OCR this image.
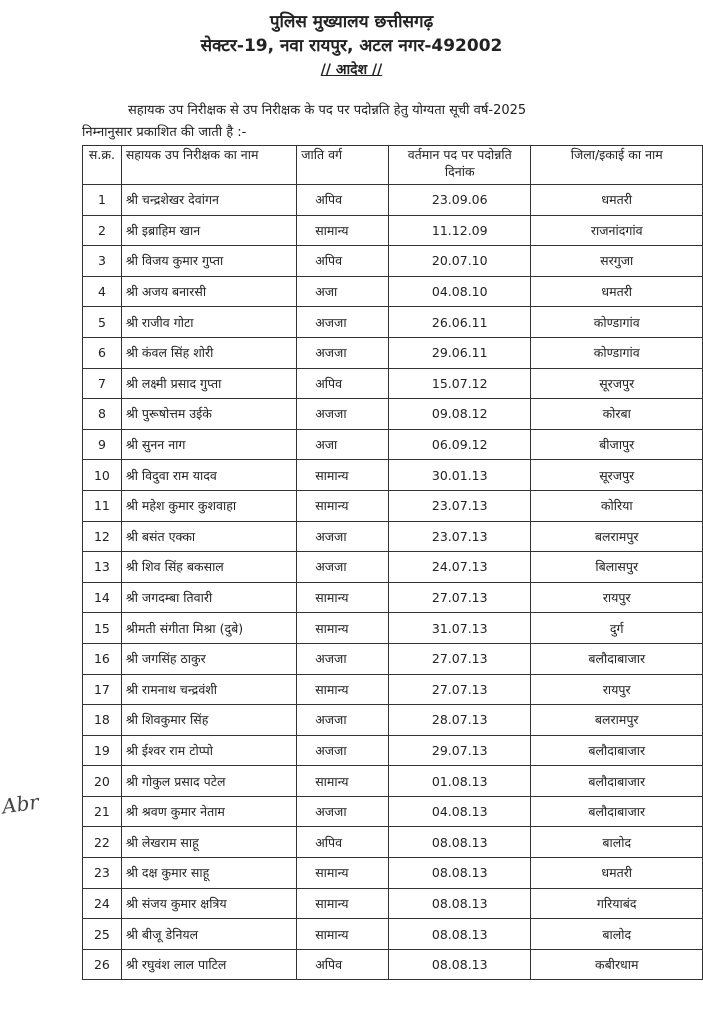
पुलिस मुख्यालय छत्तीसगढ़
सेक्टर-19, नवा रायपुर, अटल नगर-492002
// आदेश //
सहायक उप निरीक्षक से उप निरीक्षक के पद पर पदोन्नति हेतु योग्यता सूची वर्ष-2025
निम्नानुसार प्रकाशित की जाती है :-
Abr
स.क्र.	सहायक उप निरीक्षक का नाम	जाति वर्ग	वर्तमान पद पर पदोन्नति दिनांक	जिला/इकाई का नाम
1	श्री चन्द्रशेखर देवांगन	अपिव	23.09.06	धमतरी
2	श्री इब्राहिम खान	सामान्य	11.12.09	राजनांदगांव
3	श्री विजय कुमार गुप्ता	अपिव	20.07.10	सरगुजा
4	श्री अजय बनारसी	अजा	04.08.10	धमतरी
5	श्री राजीव गोटा	अजजा	26.06.11	कोण्डागांव
6	श्री कंवल सिंह शोरी	अजजा	29.06.11	कोण्डागांव
7	श्री लक्ष्मी प्रसाद गुप्ता	अपिव	15.07.12	सूरजपुर
8	श्री पुरूषोत्तम उईके	अजजा	09.08.12	कोरबा
9	श्री सुनन नाग	अजा	06.09.12	बीजापुर
10	श्री विदुवा राम यादव	सामान्य	30.01.13	सूरजपुर
11	श्री महेश कुमार कुशवाहा	सामान्य	23.07.13	कोरिया
12	श्री बसंत एक्का	अजजा	23.07.13	बलरामपुर
13	श्री शिव सिंह बकसाल	अजजा	24.07.13	बिलासपुर
14	श्री जगदम्बा तिवारी	सामान्य	27.07.13	रायपुर
15	श्रीमती संगीता मिश्रा (दुबे)	सामान्य	31.07.13	दुर्ग
16	श्री जगसिंह ठाकुर	अजजा	27.07.13	बलौदाबाजार
17	श्री रामनाथ चन्द्रवंशी	सामान्य	27.07.13	रायपुर
18	श्री शिवकुमार सिंह	अजजा	28.07.13	बलरामपुर
19	श्री ईश्वर राम टोप्पो	अजजा	29.07.13	बलौदाबाजार
20	श्री गोकुल प्रसाद पटेल	सामान्य	01.08.13	बलौदाबाजार
21	श्री श्रवण कुमार नेताम	अजजा	04.08.13	बलौदाबाजार
22	श्री लेखराम साहू	अपिव	08.08.13	बालोद
23	श्री दक्ष कुमार साहू	सामान्य	08.08.13	धमतरी
24	श्री संजय कुमार क्षत्रिय	सामान्य	08.08.13	गरियाबंद
25	श्री बीजू डेनियल	सामान्य	08.08.13	बालोद
26	श्री रघुवंश लाल पाटिल	अपिव	08.08.13	कबीरधाम
